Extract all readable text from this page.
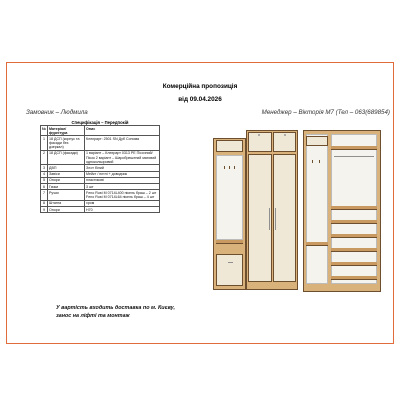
Комерційна пропозиція
від 09.04.2026
Замовник – Людмила	Менеджер – Вікторія М7 (Тел – 063(689854)
Специфікація – Передпокій
№	Матеріал/фурнітура	Опис
1	18 ДСП (корпус та фасади без дзеркал)	Клеєрарт: 2501 SN Дуб Сонома
2	18 ДСП (фасади)	1 варіант – Клеєрарт 0313 PE Пісочний/Пісок 2 варіант – Шаробрешений матовий однокольоровий
3	ДВП	Злот білий
4	Завіси	Мейкт / пєтлі + доводчик
5	Опори	пластикові
6	Гачки	3 шт
7	Ручки	Feno Rust M 0714L400 нікель браш – 2 шт Feno Rust M 0714L64 нікель браш – 4 шт
8	Штанга	хром
9	Опори	H70
У вартість входить доставка по м. Києву,
занос на ліфті та монтаж
